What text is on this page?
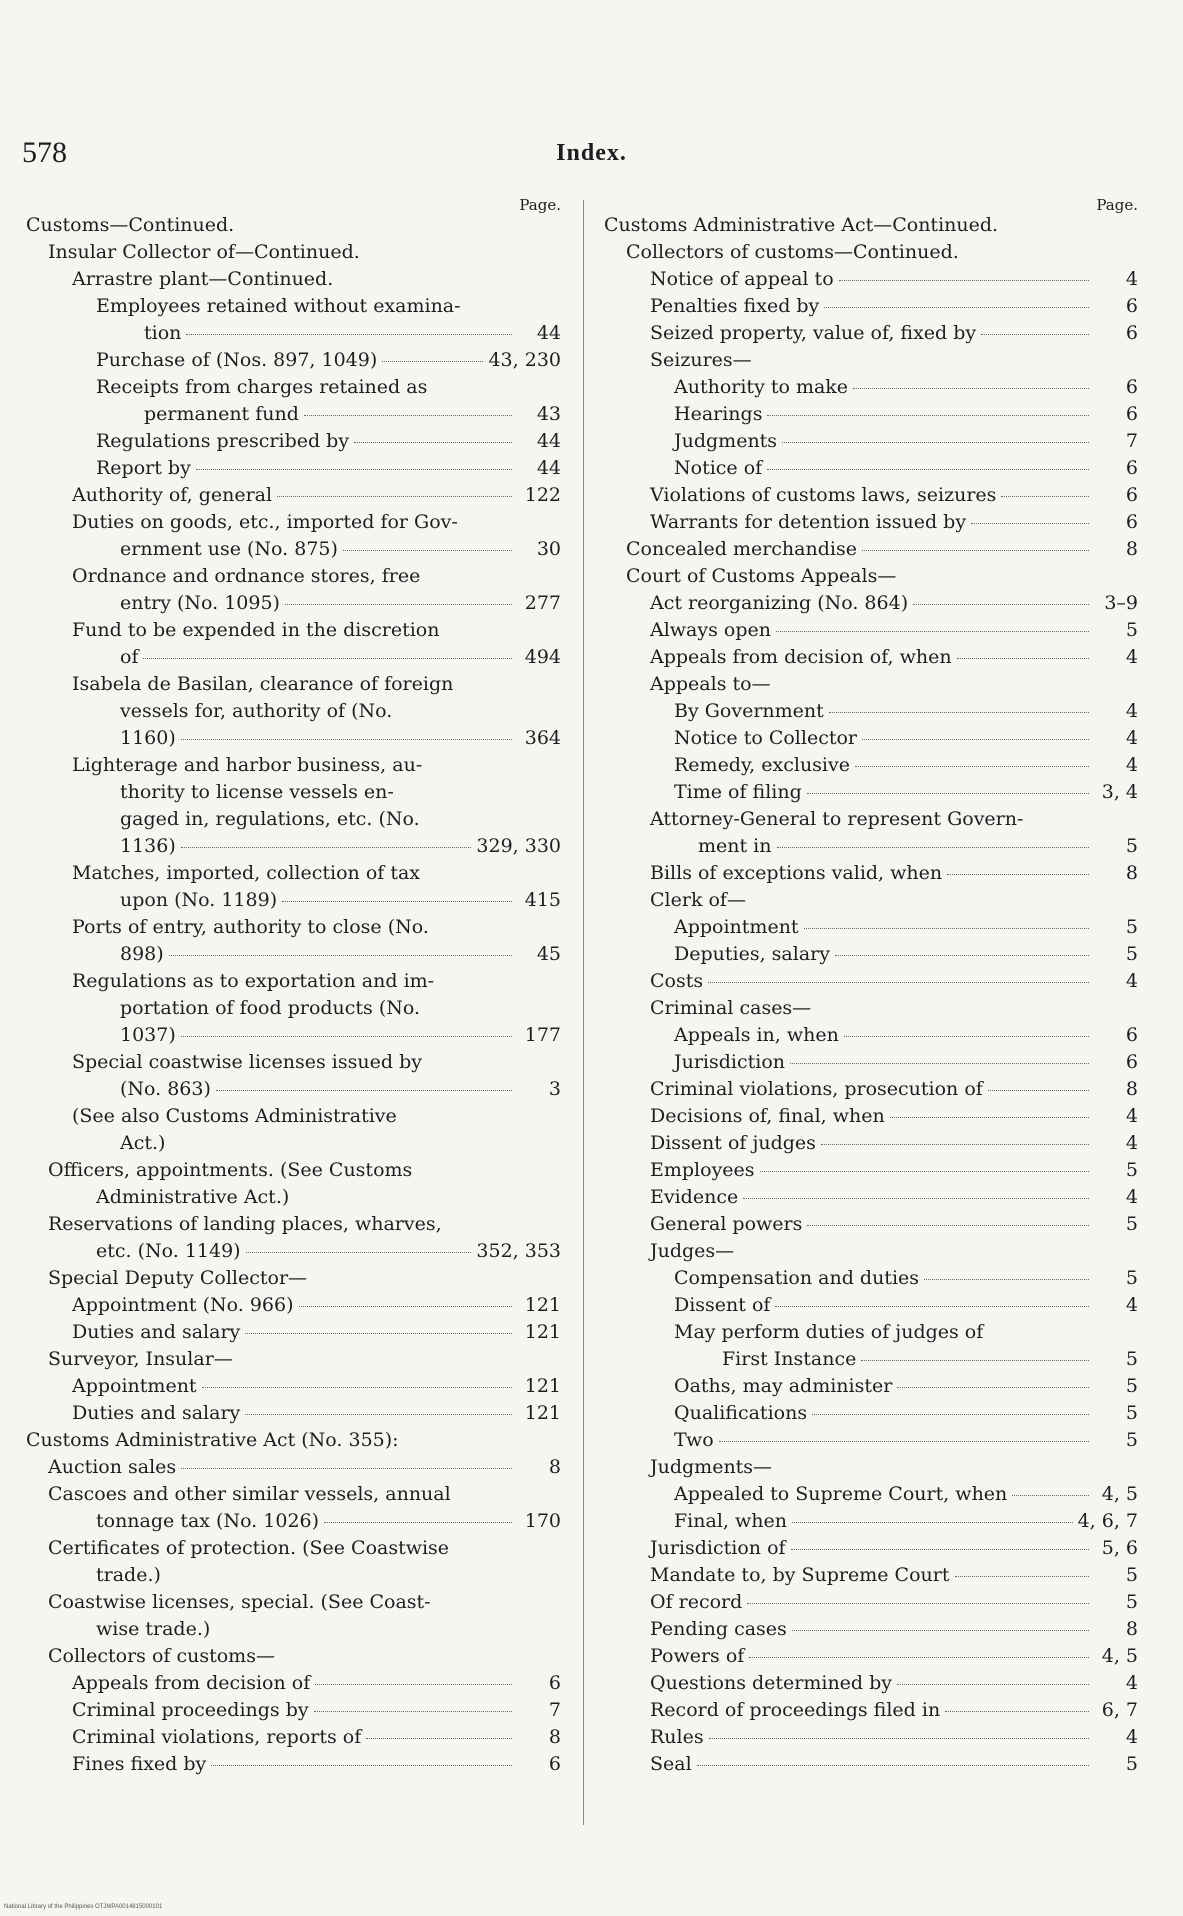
578	Index.
Page.
Customs—Continued.
Insular Collector of—Continued.
Arrastre plant—Continued.
Employees retained without examina-
tion	44
Purchase of (Nos. 897, 1049)	43, 230
Receipts from charges retained as
permanent fund	43
Regulations prescribed by	44
Report by	44
Authority of, general	122
Duties on goods, etc., imported for Gov-
ernment use (No. 875)	30
Ordnance and ordnance stores, free
entry (No. 1095)	277
Fund to be expended in the discretion
of	494
Isabela de Basilan, clearance of foreign
vessels for, authority of (No.
1160)	364
Lighterage and harbor business, au-
thority to license vessels en-
gaged in, regulations, etc. (No.
1136)	329, 330
Matches, imported, collection of tax
upon (No. 1189)	415
Ports of entry, authority to close (No.
898)	45
Regulations as to exportation and im-
portation of food products (No.
1037)	177
Special coastwise licenses issued by
(No. 863)	3
(See also Customs Administrative
Act.)
Officers, appointments. (See Customs
Administrative Act.)
Reservations of landing places, wharves,
etc. (No. 1149)	352, 353
Special Deputy Collector—
Appointment (No. 966)	121
Duties and salary	121
Surveyor, Insular—
Appointment	121
Duties and salary	121
Customs Administrative Act (No. 355):
Auction sales	8
Cascoes and other similar vessels, annual
tonnage tax (No. 1026)	170
Certificates of protection. (See Coastwise
trade.)
Coastwise licenses, special. (See Coast-
wise trade.)
Collectors of customs—
Appeals from decision of	6
Criminal proceedings by	7
Criminal violations, reports of	8
Fines fixed by	6
Page.
Customs Administrative Act—Continued.
Collectors of customs—Continued.
Notice of appeal to	4
Penalties fixed by	6
Seized property, value of, fixed by	6
Seizures—
Authority to make	6
Hearings	6
Judgments	7
Notice of	6
Violations of customs laws, seizures	6
Warrants for detention issued by	6
Concealed merchandise	8
Court of Customs Appeals—
Act reorganizing (No. 864)	3–9
Always open	5
Appeals from decision of, when	4
Appeals to—
By Government	4
Notice to Collector	4
Remedy, exclusive	4
Time of filing	3, 4
Attorney-General to represent Govern-
ment in	5
Bills of exceptions valid, when	8
Clerk of—
Appointment	5
Deputies, salary	5
Costs	4
Criminal cases—
Appeals in, when	6
Jurisdiction	6
Criminal violations, prosecution of	8
Decisions of, final, when	4
Dissent of judges	4
Employees	5
Evidence	4
General powers	5
Judges—
Compensation and duties	5
Dissent of	4
May perform duties of judges of
First Instance	5
Oaths, may administer	5
Qualifications	5
Two	5
Judgments—
Appealed to Supreme Court, when	4, 5
Final, when	4, 6, 7
Jurisdiction of	5, 6
Mandate to, by Supreme Court	5
Of record	5
Pending cases	8
Powers of	4, 5
Questions determined by	4
Record of proceedings filed in	6, 7
Rules	4
Seal	5
National Library of the Philippines OTJMPA0014815000101
